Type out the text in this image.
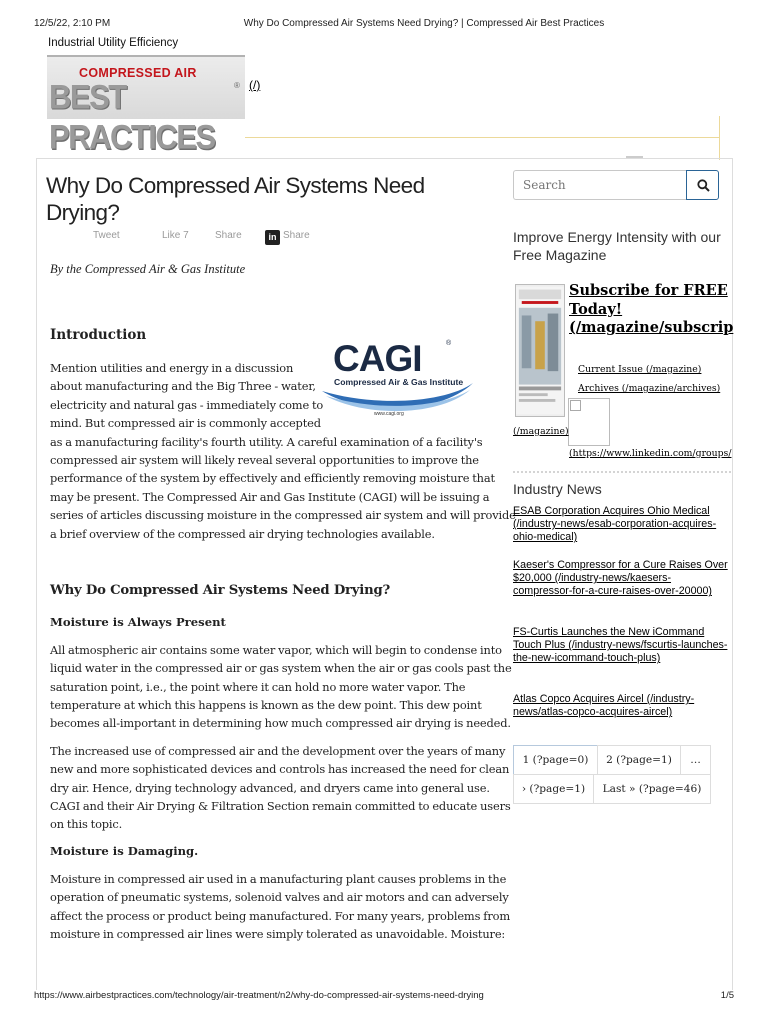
12/5/22, 2:10 PM	Why Do Compressed Air Systems Need Drying? | Compressed Air Best Practices
Industrial Utility Efficiency
COMPRESSED AIR
BEST PRACTICES
® (/)
Why Do Compressed Air Systems Need Drying?
Tweet	Like 7	Share	Share
in
By the Compressed Air & Gas Institute
Introduction
CAGI	®
Compressed Air & Gas Institute
www.cagi.org
Mention utilities and energy in a discussion
about manufacturing and the Big Three - water,
electricity and natural gas - immediately come to
mind. But compressed air is commonly accepted
as a manufacturing facility's fourth utility. A careful examination of a facility's
compressed air system will likely reveal several opportunities to improve the
performance of the system by effectively and efficiently removing moisture that
may be present. The Compressed Air and Gas Institute (CAGI) will be issuing a
series of articles discussing moisture in the compressed air system and will provide
a brief overview of the compressed air drying technologies available.
Why Do Compressed Air Systems Need Drying?
Moisture is Always Present
All atmospheric air contains some water vapor, which will begin to condense into
liquid water in the compressed air or gas system when the air or gas cools past the
saturation point, i.e., the point where it can hold no more water vapor. The
temperature at which this happens is known as the dew point. This dew point
becomes all-important in determining how much compressed air drying is needed.
The increased use of compressed air and the development over the years of many
new and more sophisticated devices and controls has increased the need for clean
dry air. Hence, drying technology advanced, and dryers came into general use.
CAGI and their Air Drying & Filtration Section remain committed to educate users
on this topic.
Moisture is Damaging.
Moisture in compressed air used in a manufacturing plant causes problems in the
operation of pneumatic systems, solenoid valves and air motors and can adversely
affect the process or product being manufactured. For many years, problems from
moisture in compressed air lines were simply tolerated as unavoidable. Moisture:
Search
Improve Energy Intensity with our Free Magazine
Subscribe for FREE
Today!
(/magazine/subscrip
Current Issue (/magazine)
Archives (/magazine/archives)
(/magazine)
(https://www.linkedin.com/groups/
Industry News
ESAB Corporation Acquires Ohio Medical (/industry-news/esab-corporation-acquires-ohio-medical)
Kaeser's Compressor for a Cure Raises Over $20,000 (/industry-news/kaesers-compressor-for-a-cure-raises-over-20000)
FS-Curtis Launches the New iCommand Touch Plus (/industry-news/fscurtis-launches-the-new-icommand-touch-plus)
Atlas Copco Acquires Aircel (/industry-news/atlas-copco-acquires-aircel)
1 (?page=0)	2 (?page=1)	…
› (?page=1)	Last » (?page=46)
https://www.airbestpractices.com/technology/air-treatment/n2/why-do-compressed-air-systems-need-drying	1/5
